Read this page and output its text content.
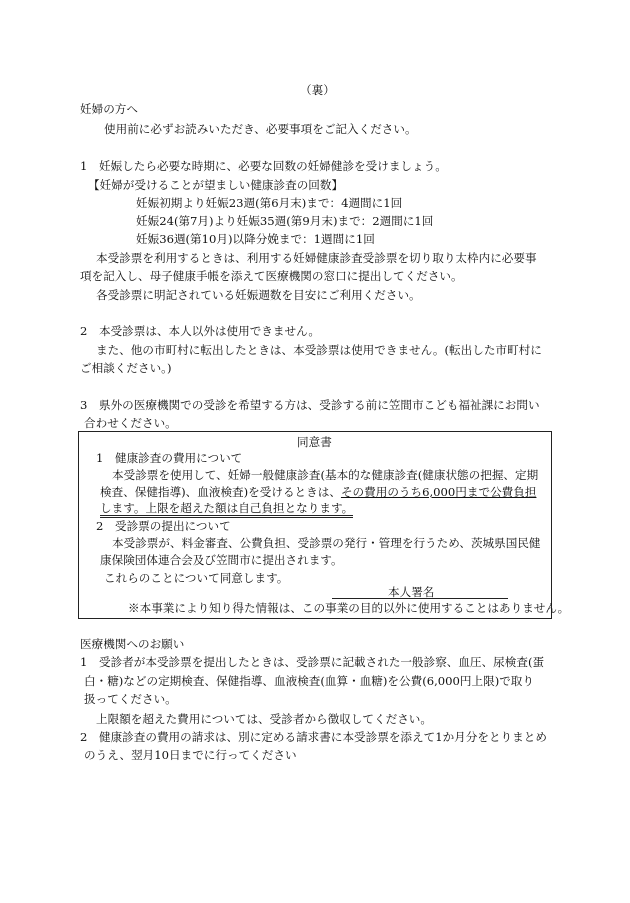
（裏）
妊婦の方へ
使用前に必ずお読みいただき、必要事項をご記入ください。
1　妊娠したら必要な時期に、必要な回数の妊婦健診を受けましょう。
【妊婦が受けることが望ましい健康診査の回数】
妊娠初期より妊娠23週(第6月末)まで：4週間に1回
妊娠24(第7月)より妊娠35週(第9月末)まで：2週間に1回
妊娠36週(第10月)以降分娩まで：1週間に1回
本受診票を利用するときは、利用する妊婦健康診査受診票を切り取り太枠内に必要事
項を記入し、母子健康手帳を添えて医療機関の窓口に提出してください。
各受診票に明記されている妊娠週数を目安にご利用ください。
2　本受診票は、本人以外は使用できません。
また、他の市町村に転出したときは、本受診票は使用できません。(転出した市町村に
ご相談ください。)
3　県外の医療機関での受診を希望する方は、受診する前に笠間市こども福祉課にお問い
合わせください。
同意書
1　健康診査の費用について
本受診票を使用して、妊婦一般健康診査(基本的な健康診査(健康状態の把握、定期
検査、保健指導)、血液検査)を受けるときは、その費用のうち6,000円まで公費負担
します。上限を超えた額は自己負担となります。
2　受診票の提出について
本受診票が、料金審査、公費負担、受診票の発行・管理を行うため、茨城県国民健
康保険団体連合会及び笠間市に提出されます。
これらのことについて同意します。
本人署名
※本事業により知り得た情報は、この事業の目的以外に使用することはありません。
医療機関へのお願い
1　受診者が本受診票を提出したときは、受診票に記載された一般診察、血圧、尿検査(蛋
白・糖)などの定期検査、保健指導、血液検査(血算・血糖)を公費(6,000円上限)で取り
扱ってください。
上限額を超えた費用については、受診者から徴収してください。
2　健康診査の費用の請求は、別に定める請求書に本受診票を添えて1か月分をとりまとめ
のうえ、翌月10日までに行ってください
